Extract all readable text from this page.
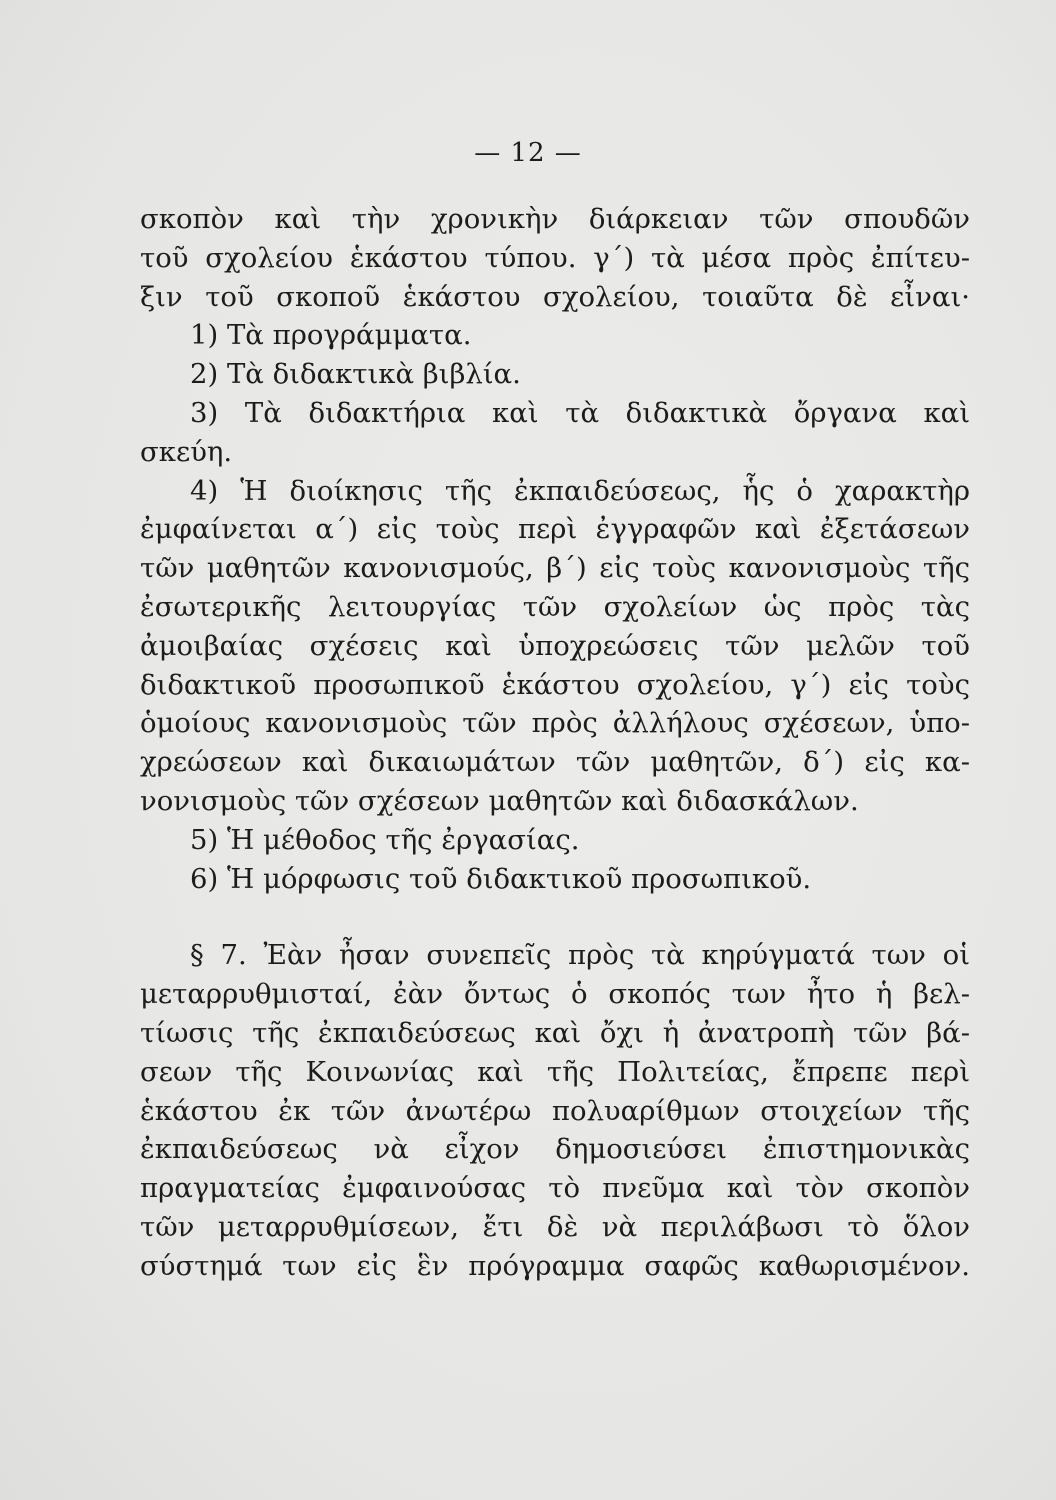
— 12 —
σκοπὸν καὶ τὴν χρονικὴν διάρκειαν τῶν σπουδῶν
τοῦ σχολείου ἑκάστου τύπου. γ´) τὰ μέσα πρὸς ἐπίτευ-
ξιν τοῦ σκοποῦ ἑκάστου σχολείου, τοιαῦτα δὲ εἶναι·
1) Τὰ προγράμματα.
2) Τὰ διδακτικὰ βιβλία.
3) Τὰ διδακτήρια καὶ τὰ διδακτικὰ ὄργανα καὶ
σκεύη.
4) Ἡ διοίκησις τῆς ἐκπαιδεύσεως, ἧς ὁ χαρακτὴρ
ἐμφαίνεται α´) εἰς τοὺς περὶ ἐγγραφῶν καὶ ἐξετάσεων
τῶν μαθητῶν κανονισμούς, β´) εἰς τοὺς κανονισμοὺς τῆς
ἐσωτερικῆς λειτουργίας τῶν σχολείων ὡς πρὸς τὰς
ἀμοιβαίας σχέσεις καὶ ὑποχρεώσεις τῶν μελῶν τοῦ
διδακτικοῦ προσωπικοῦ ἑκάστου σχολείου, γ´) εἰς τοὺς
ὁμοίους κανονισμοὺς τῶν πρὸς ἀλλήλους σχέσεων, ὑπο-
χρεώσεων καὶ δικαιωμάτων τῶν μαθητῶν, δ´) εἰς κα-
νονισμοὺς τῶν σχέσεων μαθητῶν καὶ διδασκάλων.
5) Ἡ μέθοδος τῆς ἐργασίας.
6) Ἡ μόρφωσις τοῦ διδακτικοῦ προσωπικοῦ.
§ 7. Ἐὰν ἦσαν συνεπεῖς πρὸς τὰ κηρύγματά των οἱ
μεταρρυθμισταί, ἐὰν ὄντως ὁ σκοπός των ἦτο ἡ βελ-
τίωσις τῆς ἐκπαιδεύσεως καὶ ὄχι ἡ ἀνατροπὴ τῶν βά-
σεων τῆς Κοινωνίας καὶ τῆς Πολιτείας, ἔπρεπε περὶ
ἑκάστου ἐκ τῶν ἀνωτέρω πολυαρίθμων στοιχείων τῆς
ἐκπαιδεύσεως νὰ εἶχον δημοσιεύσει ἐπιστημονικὰς
πραγματείας ἐμφαινούσας τὸ πνεῦμα καὶ τὸν σκοπὸν
τῶν μεταρρυθμίσεων, ἔτι δὲ νὰ περιλάβωσι τὸ ὅλον
σύστημά των εἰς ἓν πρόγραμμα σαφῶς καθωρισμένον.
